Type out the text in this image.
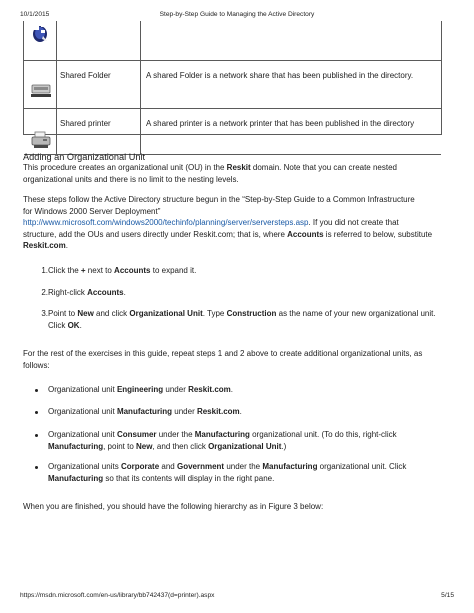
10/1/2015	Step-by-Step Guide to Managing the Active Directory
Shared Folder	A shared Folder is a network share that has been published in the directory.
Shared printer	A shared printer is a network printer that has been published in the directory
Adding an Organizational Unit
This procedure creates an organizational unit (OU) in the Reskit domain. Note that you can create nested
organizational units and there is no limit to the nesting levels.
These steps follow the Active Directory structure begun in the “Step-by-Step Guide to a Common Infrastructure
for Windows 2000 Server Deployment”
http://www.microsoft.com/windows2000/techinfo/planning/server/serversteps.asp. If you did not create that
structure, add the OUs and users directly under Reskit.com; that is, where Accounts is referred to below, substitute
Reskit.com.
1. Click the + next to Accounts to expand it.
2. Right-click Accounts.
3. Point to New and click Organizational Unit. Type Construction as the name of your new organizational unit.
Click OK.
For the rest of the exercises in this guide, repeat steps 1 and 2 above to create additional organizational units, as
follows:
Organizational unit Engineering under Reskit.com.
Organizational unit Manufacturing under Reskit.com.
Organizational unit Consumer under the Manufacturing organizational unit. (To do this, right-click
Manufacturing, point to New, and then click Organizational Unit.)
Organizational units Corporate and Government under the Manufacturing organizational unit. Click
Manufacturing so that its contents will display in the right pane.
When you are finished, you should have the following hierarchy as in Figure 3 below:
https://msdn.microsoft.com/en-us/library/bb742437(d=printer).aspx	5/15
